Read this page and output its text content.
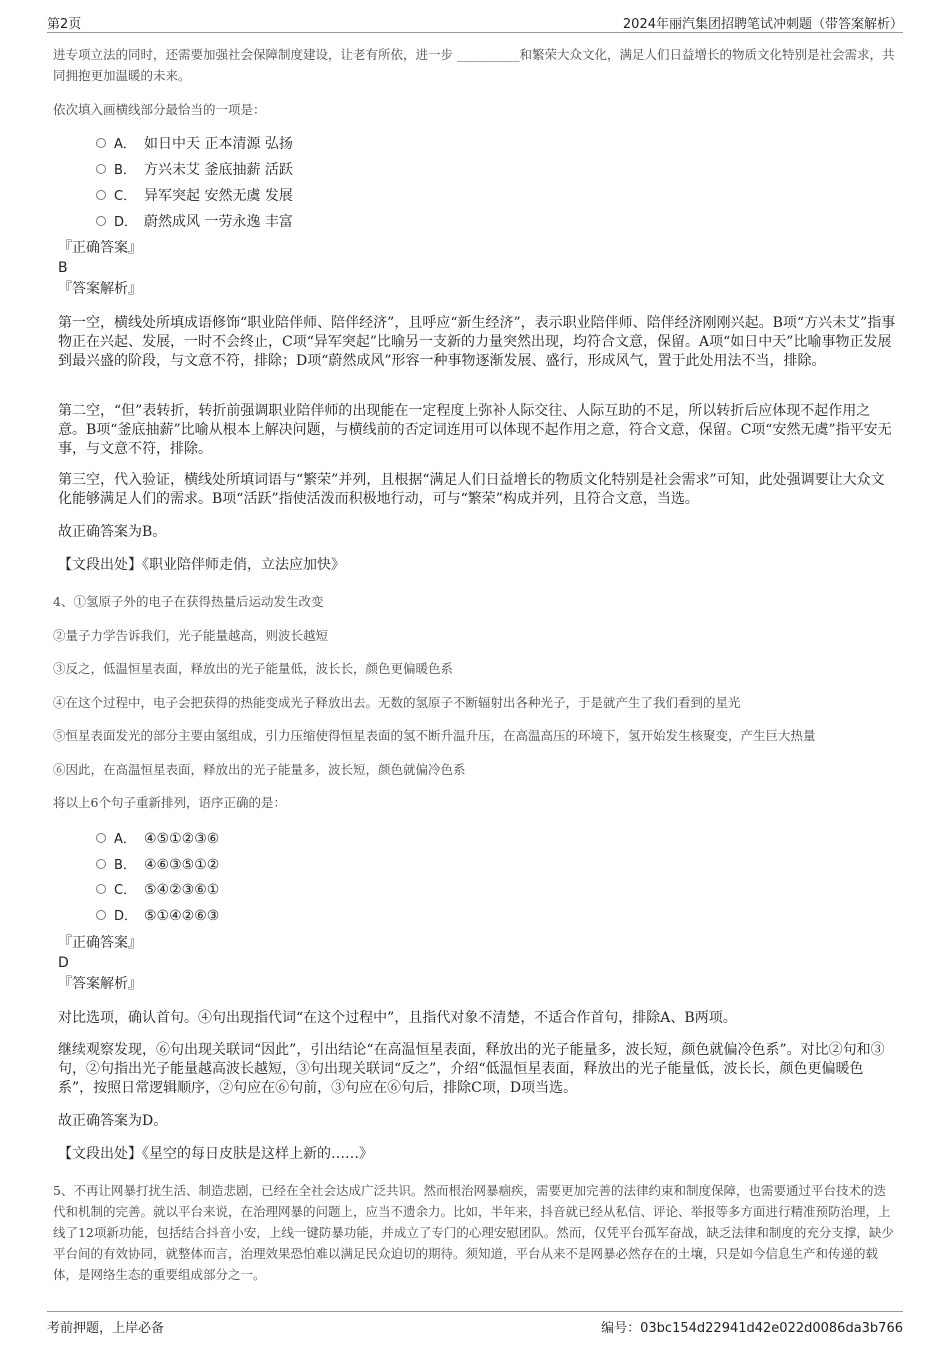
第2页	2024年丽汽集团招聘笔试冲刺题（带答案解析）

进专项立法的同时，还需要加强社会保障制度建设，让老有所依，进一步 __________和繁荣大众文化，满足人们日益增长的物质文化特别是社会需求，共同拥抱更加温暖的未来。

依次填入画横线部分最恰当的一项是：

A． 如日中天 正本清源 弘扬
B． 方兴未艾 釜底抽薪 活跃
C． 异军突起 安然无虞 发展
D． 蔚然成风 一劳永逸 丰富
『正确答案』
B
『答案解析』

第一空，横线处所填成语修饰“职业陪伴师、陪伴经济”，且呼应“新生经济”，表示职业陪伴师、陪伴经济刚刚兴起。B项“方兴未艾”指事物正在兴起、发展，一时不会终止，C项“异军突起”比喻另一支新的力量突然出现，均符合文意，保留。A项“如日中天”比喻事物正发展到最兴盛的阶段，与文意不符，排除；D项“蔚然成风”形容一种事物逐渐发展、盛行，形成风气，置于此处用法不当，排除。

第二空，“但”表转折，转折前强调职业陪伴师的出现能在一定程度上弥补人际交往、人际互助的不足，所以转折后应体现不起作用之意。B项“釜底抽薪”比喻从根本上解决问题，与横线前的否定词连用可以体现不起作用之意，符合文意，保留。C项“安然无虞”指平安无事，与文意不符，排除。

第三空，代入验证，横线处所填词语与“繁荣”并列，且根据“满足人们日益增长的物质文化特别是社会需求”可知，此处强调要让大众文化能够满足人们的需求。B项“活跃”指使活泼而积极地行动，可与“繁荣”构成并列，且符合文意，当选。

故正确答案为B。

【文段出处】《职业陪伴师走俏，立法应加快》

4、①氢原子外的电子在获得热量后运动发生改变

②量子力学告诉我们，光子能量越高，则波长越短

③反之，低温恒星表面，释放出的光子能量低，波长长，颜色更偏暖色系

④在这个过程中，电子会把获得的热能变成光子释放出去。无数的氢原子不断辐射出各种光子，于是就产生了我们看到的星光

⑤恒星表面发光的部分主要由氢组成，引力压缩使得恒星表面的氢不断升温升压，在高温高压的环境下，氢开始发生核聚变，产生巨大热量

⑥因此，在高温恒星表面，释放出的光子能量多，波长短，颜色就偏冷色系

将以上6个句子重新排列，语序正确的是：

A． ④⑤①②③⑥
B． ④⑥③⑤①②
C． ⑤④②③⑥①
D． ⑤①④②⑥③
『正确答案』
D
『答案解析』

对比选项，确认首句。④句出现指代词“在这个过程中”，且指代对象不清楚，不适合作首句，排除A、B两项。

继续观察发现，⑥句出现关联词“因此”，引出结论“在高温恒星表面，释放出的光子能量多，波长短，颜色就偏冷色系”。对比②句和③句，②句指出光子能量越高波长越短，③句出现关联词“反之”，介绍“低温恒星表面，释放出的光子能量低，波长长，颜色更偏暖色系”，按照日常逻辑顺序，②句应在⑥句前，③句应在⑥句后，排除C项，D项当选。

故正确答案为D。

【文段出处】《星空的每日皮肤是这样上新的……》

5、不再让网暴打扰生活、制造悲剧，已经在全社会达成广泛共识。然而根治网暴痼疾，需要更加完善的法律约束和制度保障，也需要通过平台技术的迭代和机制的完善。就以平台来说，在治理网暴的问题上，应当不遗余力。比如，半年来，抖音就已经从私信、评论、举报等多方面进行精准预防治理，上线了12项新功能，包括结合抖音小安，上线一键防暴功能，并成立了专门的心理安慰团队。然而，仅凭平台孤军奋战，缺乏法律和制度的充分支撑，缺少平台间的有效协同，就整体而言，治理效果恐怕难以满足民众迫切的期待。须知道，平台从来不是网暴必然存在的土壤，只是如今信息生产和传递的载体，是网络生态的重要组成部分之一。

考前押题，上岸必备	编号：03bc154d22941d42e022d0086da3b766
